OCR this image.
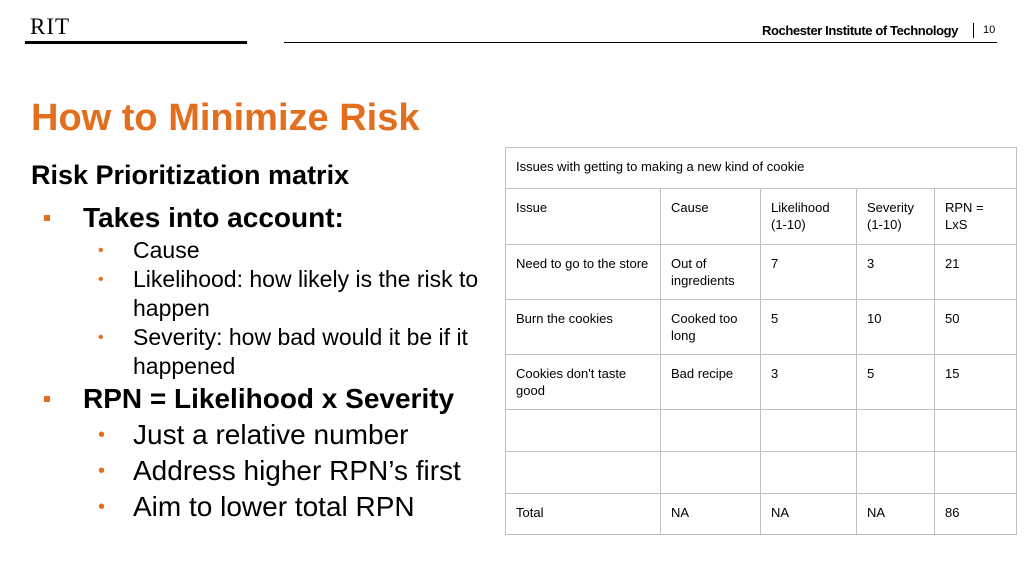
RIT	Rochester Institute of Technology 10
How to Minimize Risk
Risk Prioritization matrix
Takes into account:
• Cause
• Likelihood: how likely is the risk to happen
• Severity: how bad would it be if it happened
RPN = Likelihood x Severity
• Just a relative number
• Address higher RPN’s first
• Aim to lower total RPN
Issues with getting to making a new kind of cookie				
Issue	Cause	Likelihood (1-10)	Severity (1-10)	RPN = LxS
Need to go to the store	Out of ingredients	7	3	21
Burn the cookies	Cooked too long	5	10	50
Cookies don't taste good	Bad recipe	3	5	15

Total	NA	NA	NA	86
